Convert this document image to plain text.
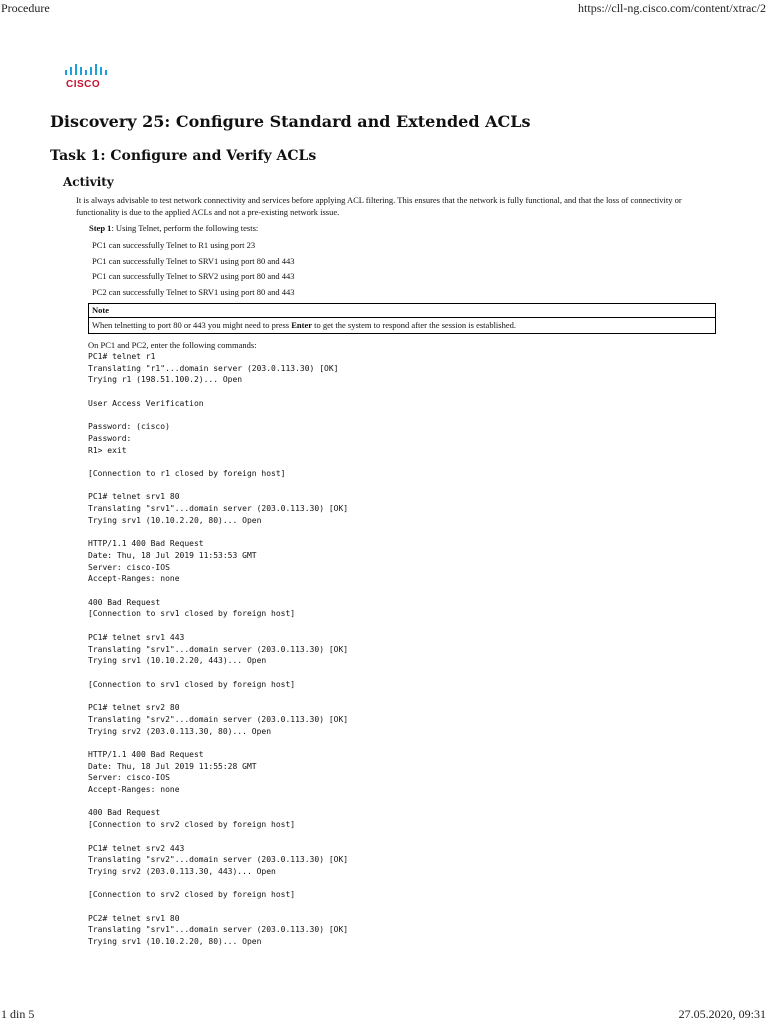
Procedure	https://cll-ng.cisco.com/content/xtrac/2
CISCO
Discovery 25: Configure Standard and Extended ACLs
Task 1: Configure and Verify ACLs
Activity

It is always advisable to test network connectivity and services before applying ACL filtering. This ensures that the network is fully functional, and that the loss of connectivity or functionality is due to the applied ACLs and not a pre-existing network issue.

Step 1: Using Telnet, perform the following tests:

PC1 can successfully Telnet to R1 using port 23
PC1 can successfully Telnet to SRV1 using port 80 and 443
PC1 can successfully Telnet to SRV2 using port 80 and 443
PC2 can successfully Telnet to SRV1 using port 80 and 443
Note
When telnetting to port 80 or 443 you might need to press Enter to get the system to respond after the session is established.

On PC1 and PC2, enter the following commands:

PC1# telnet r1
Translating "r1"...domain server (203.0.113.30) [OK]
Trying r1 (198.51.100.2)... Open

User Access Verification

Password: (cisco)
Password:
R1> exit

[Connection to r1 closed by foreign host]

PC1# telnet srv1 80
Translating "srv1"...domain server (203.0.113.30) [OK]
Trying srv1 (10.10.2.20, 80)... Open

HTTP/1.1 400 Bad Request
Date: Thu, 18 Jul 2019 11:53:53 GMT
Server: cisco-IOS
Accept-Ranges: none

400 Bad Request
[Connection to srv1 closed by foreign host]

PC1# telnet srv1 443
Translating "srv1"...domain server (203.0.113.30) [OK]
Trying srv1 (10.10.2.20, 443)... Open

[Connection to srv1 closed by foreign host]

PC1# telnet srv2 80
Translating "srv2"...domain server (203.0.113.30) [OK]
Trying srv2 (203.0.113.30, 80)... Open

HTTP/1.1 400 Bad Request
Date: Thu, 18 Jul 2019 11:55:28 GMT
Server: cisco-IOS
Accept-Ranges: none

400 Bad Request
[Connection to srv2 closed by foreign host]

PC1# telnet srv2 443
Translating "srv2"...domain server (203.0.113.30) [OK]
Trying srv2 (203.0.113.30, 443)... Open

[Connection to srv2 closed by foreign host]

PC2# telnet srv1 80
Translating "srv1"...domain server (203.0.113.30) [OK]
Trying srv1 (10.10.2.20, 80)... Open
1 din 5	27.05.2020, 09:31
